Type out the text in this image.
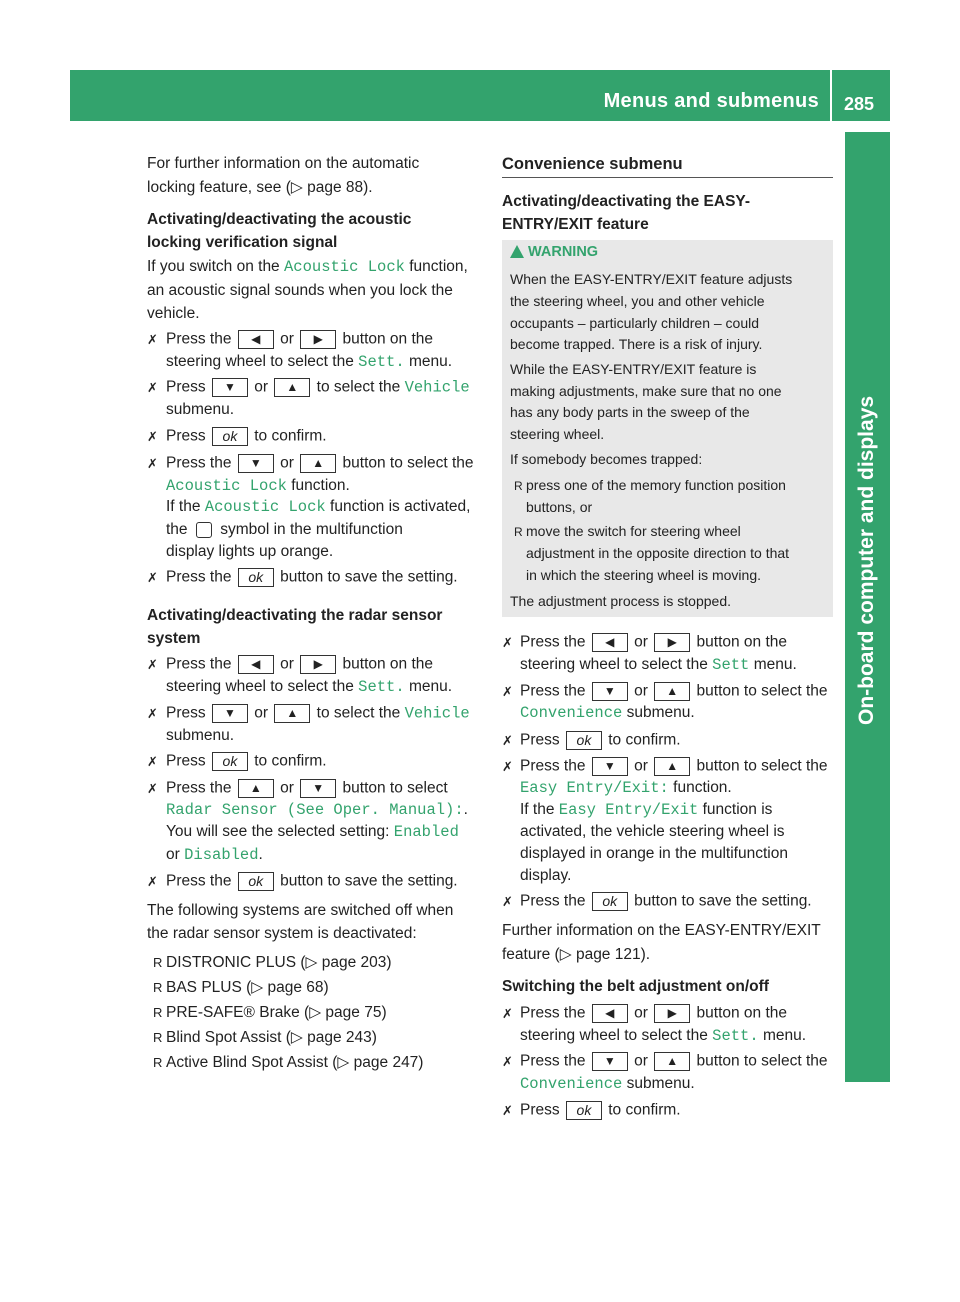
Menus and submenus 285
On-board computer and displays
For further information on the automatic
locking feature, see (▷ page 88).
Activating/deactivating the acoustic
locking verification signal
If you switch on the Acoustic Lock function,
an acoustic signal sounds when you lock the
vehicle.
✗ Press the ◀ or ▶ button on the
steering wheel to select the Sett. menu.
✗ Press ▼ or ▲ to select the Vehicle
submenu.
✗ Press ok to confirm.
✗ Press the ▼ or ▲ button to select the
Acoustic Lock function.
If the Acoustic Lock function is activated,
the symbol in the multifunction
display lights up orange.
✗ Press the ok button to save the setting.
Activating/deactivating the radar sensor
system
✗ Press the ◀ or ▶ button on the
steering wheel to select the Sett. menu.
✗ Press ▼ or ▲ to select the Vehicle
submenu.
✗ Press ok to confirm.
✗ Press the ▲ or ▼ button to select
Radar Sensor (See Oper. Manual):.
You will see the selected setting: Enabled
or Disabled.
✗ Press the ok button to save the setting.
The following systems are switched off when
the radar sensor system is deactivated:
R DISTRONIC PLUS (▷ page 203)
R BAS PLUS (▷ page 68)
R PRE-SAFE® Brake (▷ page 75)
R Blind Spot Assist (▷ page 243)
R Active Blind Spot Assist (▷ page 247)
Convenience submenu
Activating/deactivating the EASY-
ENTRY/EXIT feature
WARNING
When the EASY-ENTRY/EXIT feature adjusts
the steering wheel, you and other vehicle
occupants – particularly children – could
become trapped. There is a risk of injury.
While the EASY-ENTRY/EXIT feature is
making adjustments, make sure that no one
has any body parts in the sweep of the
steering wheel.
If somebody becomes trapped:
R press one of the memory function position
buttons, or
R move the switch for steering wheel
adjustment in the opposite direction to that
in which the steering wheel is moving.
The adjustment process is stopped.
✗ Press the ◀ or ▶ button on the
steering wheel to select the Sett menu.
✗ Press the ▼ or ▲ button to select the
Convenience submenu.
✗ Press ok to confirm.
✗ Press the ▼ or ▲ button to select the
Easy Entry/Exit: function.
If the Easy Entry/Exit function is
activated, the vehicle steering wheel is
displayed in orange in the multifunction
display.
✗ Press the ok button to save the setting.
Further information on the EASY-ENTRY/EXIT
feature (▷ page 121).
Switching the belt adjustment on/off
✗ Press the ◀ or ▶ button on the
steering wheel to select the Sett. menu.
✗ Press the ▼ or ▲ button to select the
Convenience submenu.
✗ Press ok to confirm.
